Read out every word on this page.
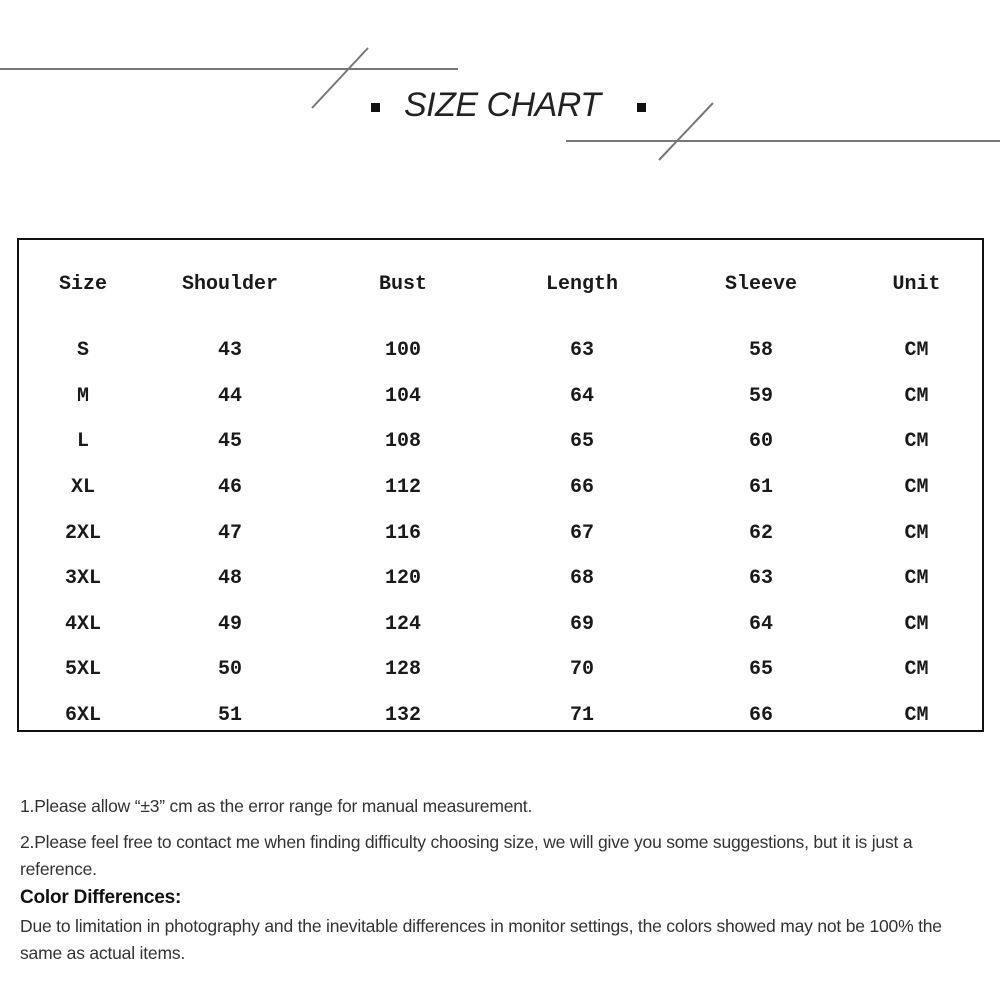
SIZE CHART
Size	Shoulder	Bust	Length	Sleeve	Unit
S	43	100	63	58	CM
M	44	104	64	59	CM
L	45	108	65	60	CM
XL	46	112	66	61	CM
2XL	47	116	67	62	CM
3XL	48	120	68	63	CM
4XL	49	124	69	64	CM
5XL	50	128	70	65	CM
6XL	51	132	71	66	CM

1.Please allow “±3” cm as the error range for manual measurement.

2.Please feel free to contact me when finding difficulty choosing size, we will give you some suggestions, but it is just a reference.

Color Differences:

Due to limitation in photography and the inevitable differences in monitor settings, the colors showed may not be 100% the same as actual items.
